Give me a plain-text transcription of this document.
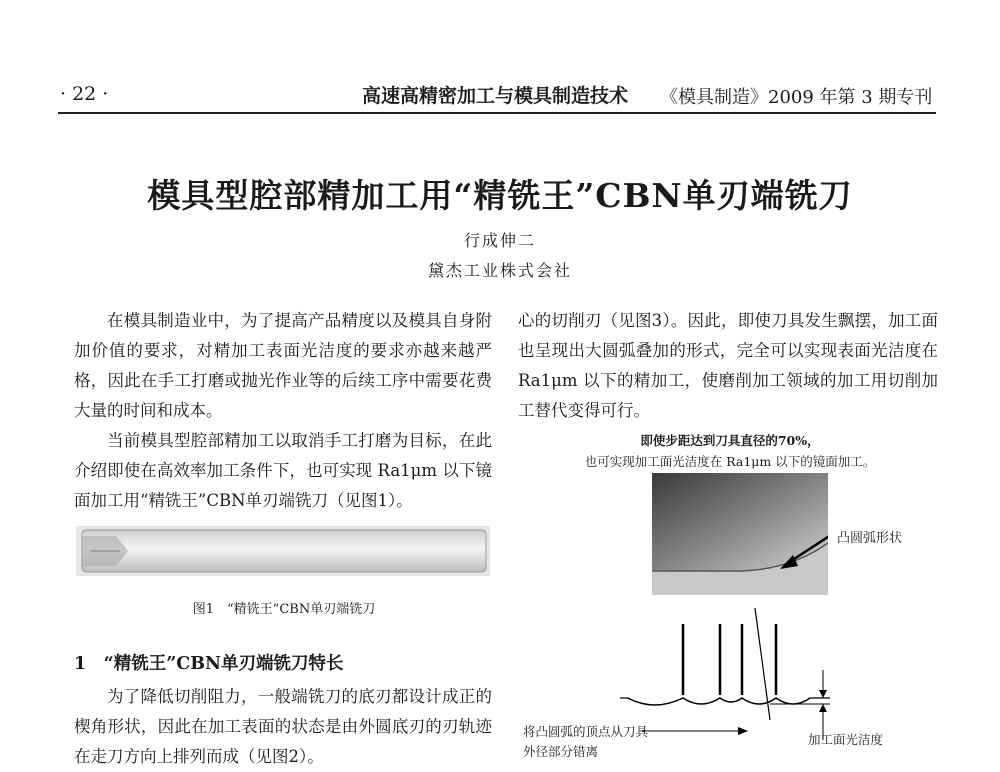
· 22 ·	高速高精密加工与模具制造技术 《模具制造》2009 年第 3 期专刊
模具型腔部精加工用“精铣王”CBN单刃端铣刀
行成伸二
黛杰工业株式会社

在模具制造业中，为了提高产品精度以及模具自身附加价值的要求，对精加工表面光洁度的要求亦越来越严格，因此在手工打磨或抛光作业等的后续工序中需要花费大量的时间和成本。

当前模具型腔部精加工以取消手工打磨为目标，在此介绍即使在高效率加工条件下，也可实现 Ra1μm 以下镜面加工用“精铣王”CBN单刃端铣刀（见图1）。

图1　“精铣王”CBN单刃端铣刀
1　“精铣王”CBN单刃端铣刀特长

为了降低切削阻力，一般端铣刀的底刃都设计成正的楔角形状，因此在加工表面的状态是由外圆底刃的刃轨迹在走刀方向上排列而成（见图2）。

心的切削刃（见图3）。因此，即使刀具发生飘摆，加工面也呈现出大圆弧叠加的形式，完全可以实现表面光洁度在 Ra1μm 以下的精加工，使磨削加工领域的加工用切削加工替代变得可行。

即使步距达到刀具直径的70%，
也可实现加工面光洁度在 Ra1μm 以下的镜面加工。
凸圆弧形状
将凸圆弧的顶点从刀具外径部分错离
加工面光洁度
